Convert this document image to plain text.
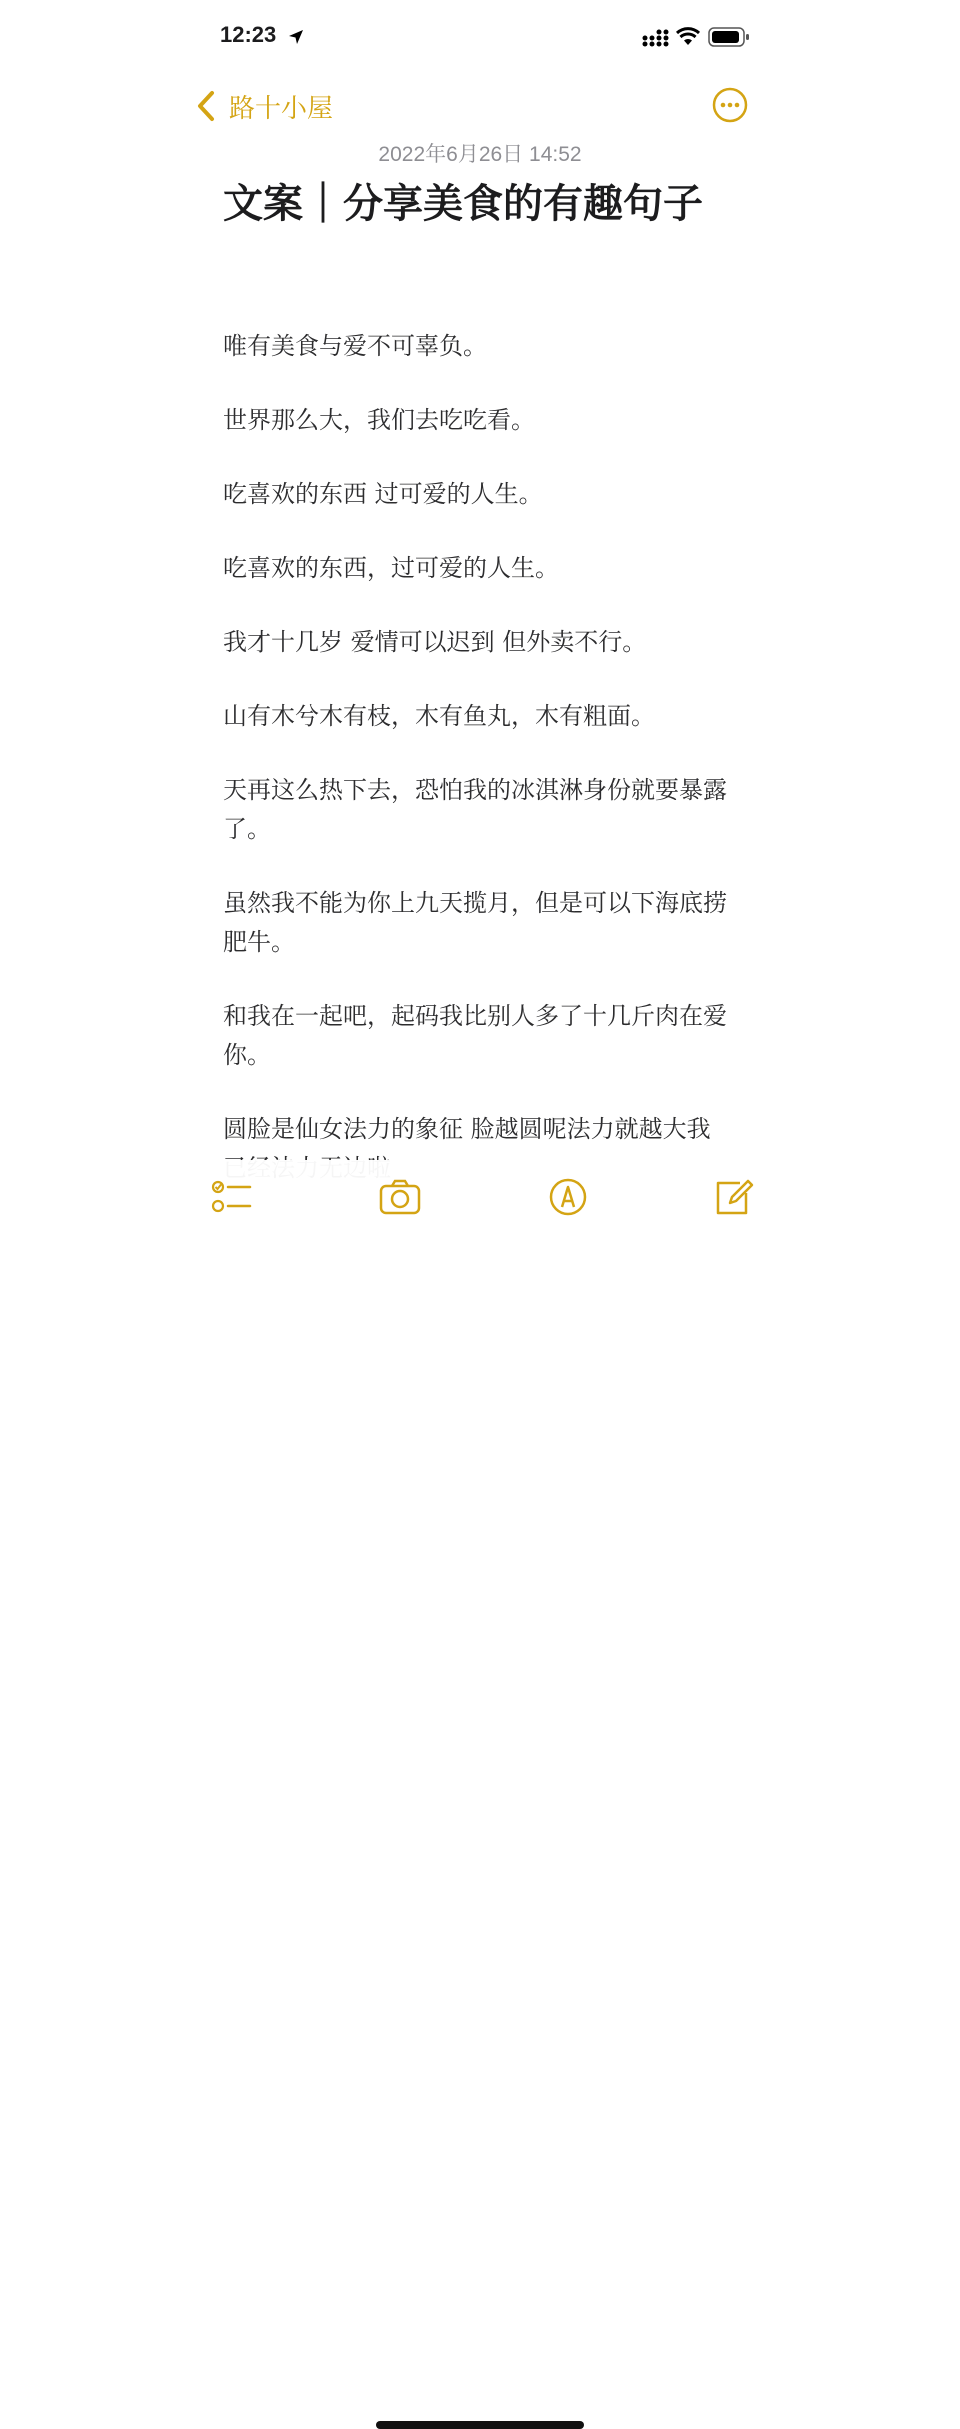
12:23
路十小屋
2022年6月26日 14:52
文案｜分享美食的有趣句子

唯有美食与爱不可辜负。

世界那么大，我们去吃吃看。

吃喜欢的东西 过可爱的人生。

吃喜欢的东西，过可爱的人生。

我才十几岁 爱情可以迟到 但外卖不行。

山有木兮木有枝，木有鱼丸，木有粗面。

天再这么热下去，恐怕我的冰淇淋身份就要暴露了。

虽然我不能为你上九天揽月，但是可以下海底捞肥牛。

和我在一起吧，起码我比别人多了十几斤肉在爱你。

圆脸是仙女法力的象征 脸越圆呢法力就越大我
